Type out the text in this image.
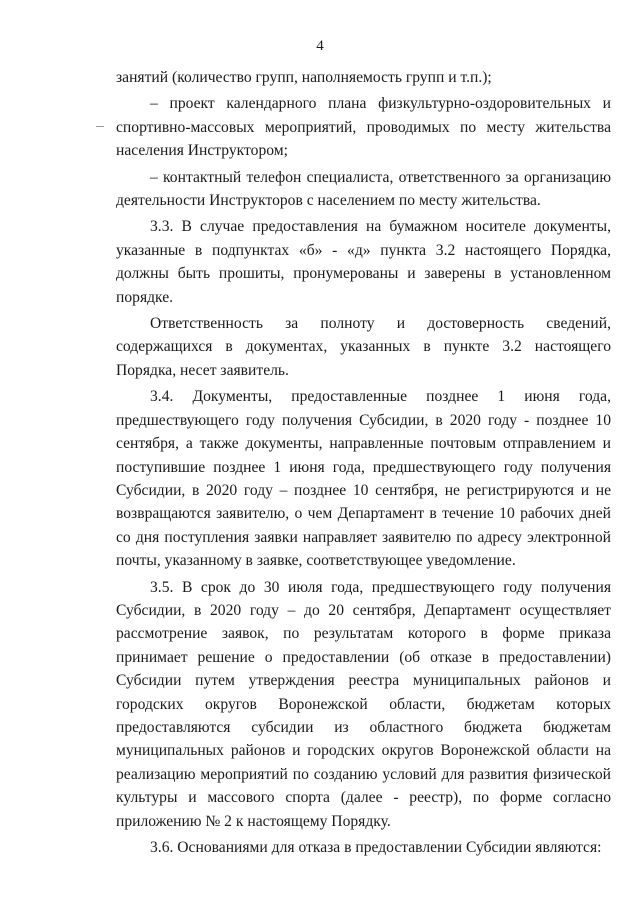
4

занятий (количество групп, наполняемость групп и т.п.);

– проект календарного плана физкультурно-оздоровительных и спортивно-массовых мероприятий, проводимых по месту жительства населения Инструктором;

– контактный телефон специалиста, ответственного за организацию деятельности Инструкторов с населением по месту жительства.

3.3. В случае предоставления на бумажном носителе документы, указанные в подпунктах «б» - «д» пункта 3.2 настоящего Порядка, должны быть прошиты, пронумерованы и заверены в установленном порядке.

Ответственность за полноту и достоверность сведений, содержащихся в документах, указанных в пункте 3.2 настоящего Порядка, несет заявитель.

3.4. Документы, предоставленные позднее 1 июня года, предшествующего году получения Субсидии, в 2020 году - позднее 10 сентября, а также документы, направленные почтовым отправлением и поступившие позднее 1 июня года, предшествующего году получения Субсидии, в 2020 году – позднее 10 сентября, не регистрируются и не возвращаются заявителю, о чем Департамент в течение 10 рабочих дней со дня поступления заявки направляет заявителю по адресу электронной почты, указанному в заявке, соответствующее уведомление.

3.5. В срок до 30 июля года, предшествующего году получения Субсидии, в 2020 году – до 20 сентября, Департамент осуществляет рассмотрение заявок, по результатам которого в форме приказа принимает решение о предоставлении (об отказе в предоставлении) Субсидии путем утверждения реестра муниципальных районов и городских округов Воронежской области, бюджетам которых предоставляются субсидии из областного бюджета бюджетам муниципальных районов и городских округов Воронежской области на реализацию мероприятий по созданию условий для развития физической культуры и массового спорта (далее - реестр), по форме согласно приложению № 2 к настоящему Порядку.

3.6. Основаниями для отказа в предоставлении Субсидии являются:
